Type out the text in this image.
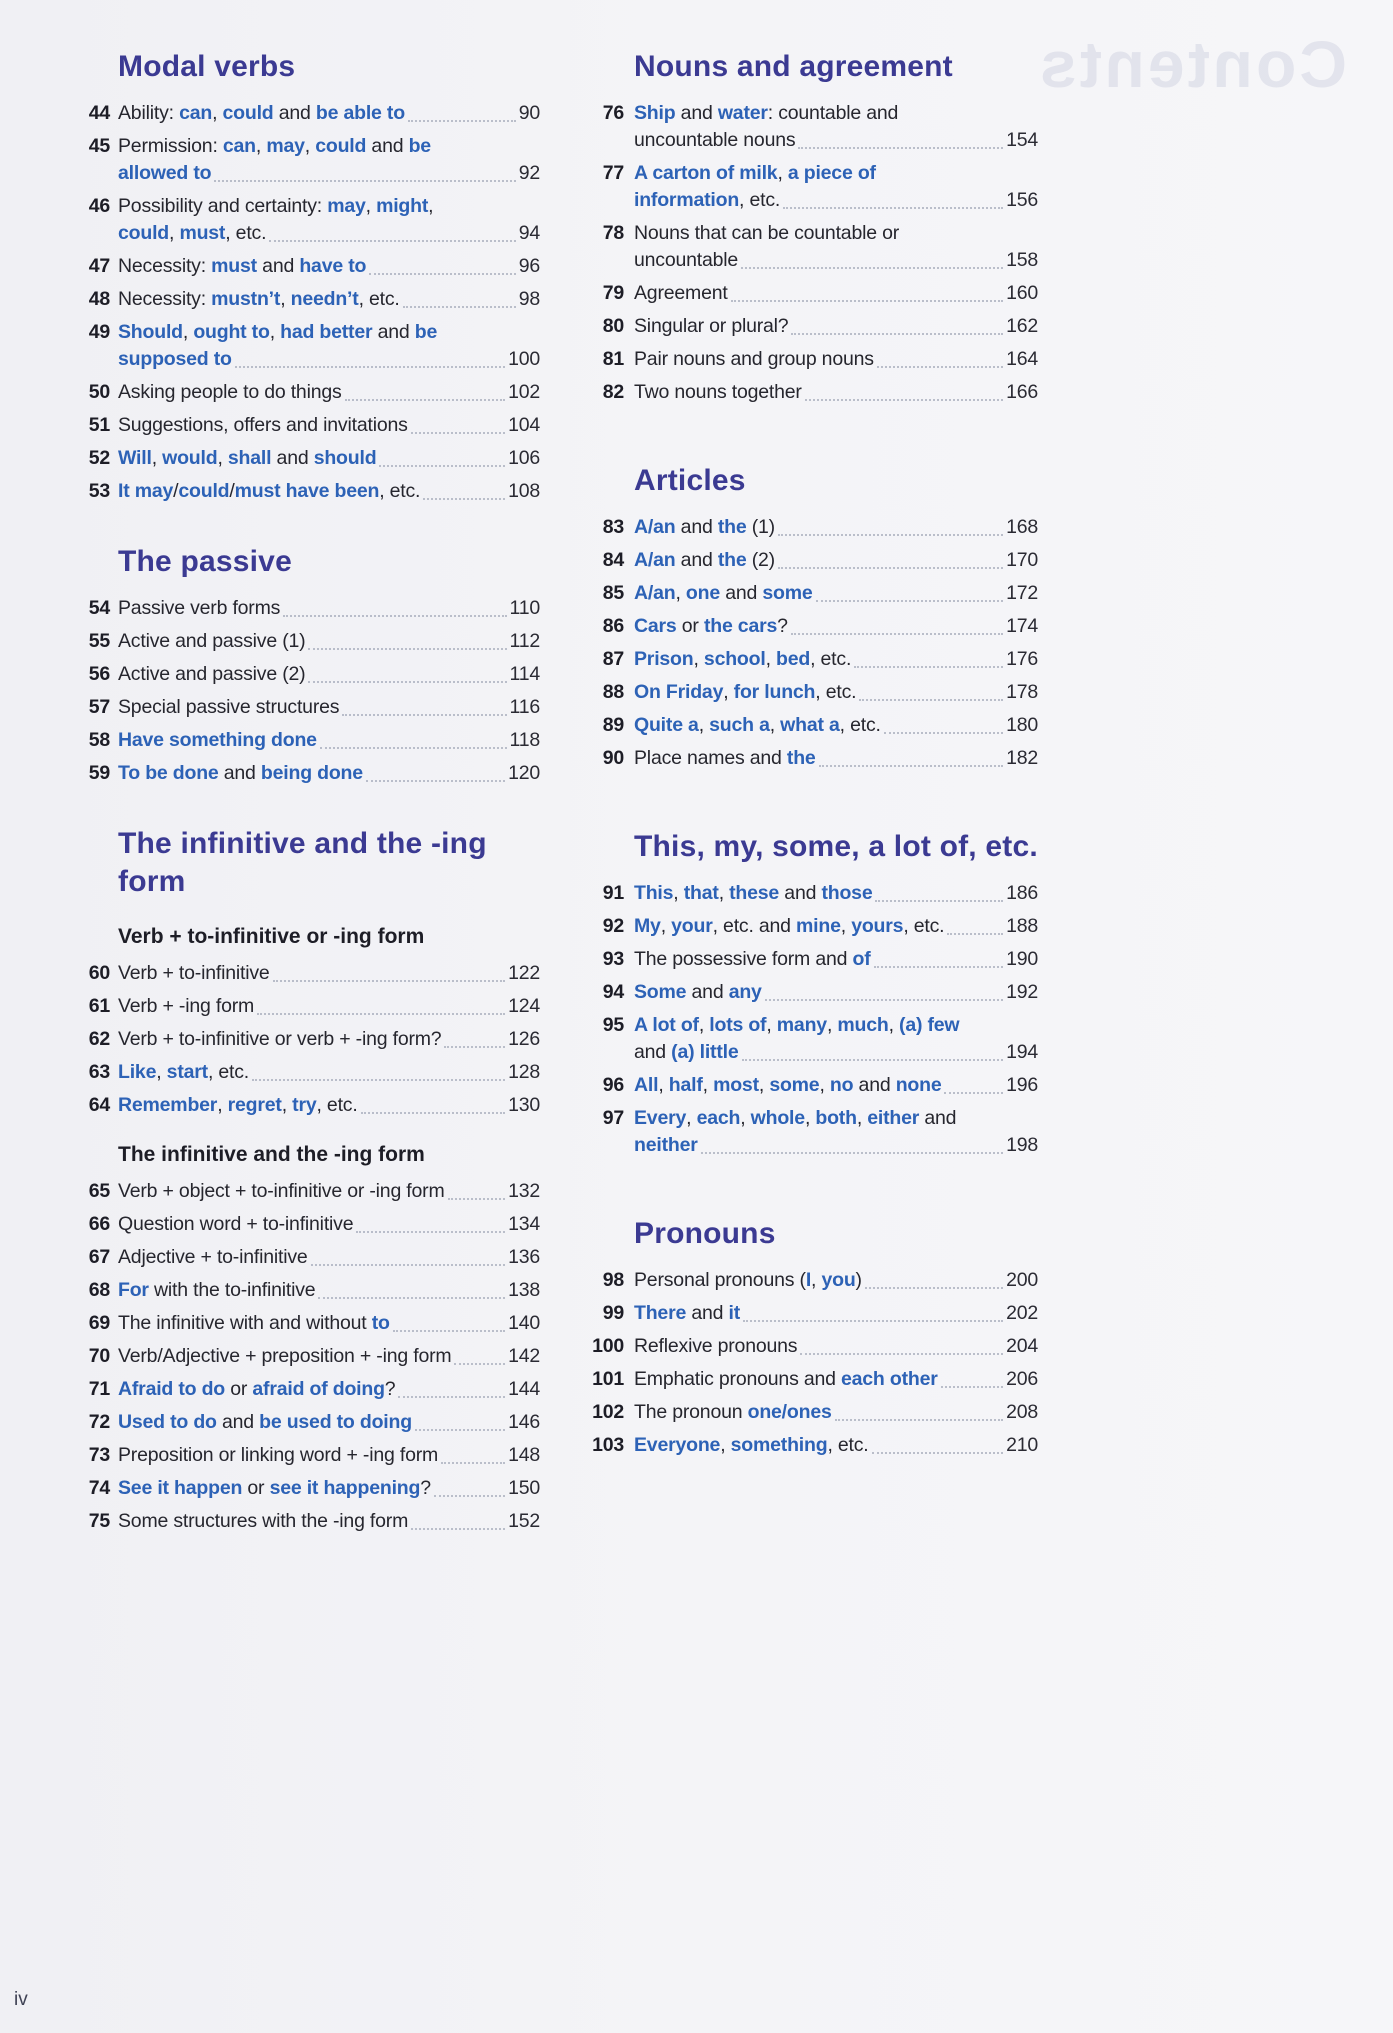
Contents
Modal verbs
44 Ability: can, could and be able to	90
45 Permission: can, may, could and be
allowed to	92
46 Possibility and certainty: may, might,
could, must, etc.	94
47 Necessity: must and have to	96
48 Necessity: mustn’t, needn’t, etc.	98
49 Should, ought to, had better and be
supposed to	100
50 Asking people to do things	102
51 Suggestions, offers and invitations	104
52 Will, would, shall and should	106
53 It may/could/must have been, etc.	108
The passive
54 Passive verb forms	110
55 Active and passive (1)	112
56 Active and passive (2)	114
57 Special passive structures	116
58 Have something done	118
59 To be done and being done	120
The infinitive and the -ing form
Verb + to-infinitive or -ing form
60 Verb + to-infinitive	122
61 Verb + -ing form	124
62 Verb + to-infinitive or verb + -ing form?	126
63 Like, start, etc.	128
64 Remember, regret, try, etc.	130
The infinitive and the -ing form
65 Verb + object + to-infinitive or -ing form	132
66 Question word + to-infinitive	134
67 Adjective + to-infinitive	136
68 For with the to-infinitive	138
69 The infinitive with and without to	140
70 Verb/Adjective + preposition + -ing form	142
71 Afraid to do or afraid of doing?	144
72 Used to do and be used to doing	146
73 Preposition or linking word + -ing form	148
74 See it happen or see it happening?	150
75 Some structures with the -ing form	152
Nouns and agreement
76 Ship and water: countable and
uncountable nouns	154
77 A carton of milk, a piece of
information, etc.	156
78 Nouns that can be countable or
uncountable	158
79 Agreement	160
80 Singular or plural?	162
81 Pair nouns and group nouns	164
82 Two nouns together	166
Articles
83 A/an and the (1)	168
84 A/an and the (2)	170
85 A/an, one and some	172
86 Cars or the cars?	174
87 Prison, school, bed, etc.	176
88 On Friday, for lunch, etc.	178
89 Quite a, such a, what a, etc.	180
90 Place names and the	182
This, my, some, a lot of, etc.
91 This, that, these and those	186
92 My, your, etc. and mine, yours, etc.	188
93 The possessive form and of	190
94 Some and any	192
95 A lot of, lots of, many, much, (a) few
and (a) little	194
96 All, half, most, some, no and none	196
97 Every, each, whole, both, either and
neither	198
Pronouns
98 Personal pronouns (I, you)	200
99 There and it	202
100 Reflexive pronouns	204
101 Emphatic pronouns and each other	206
102 The pronoun one/ones	208
103 Everyone, something, etc.	210
iv
